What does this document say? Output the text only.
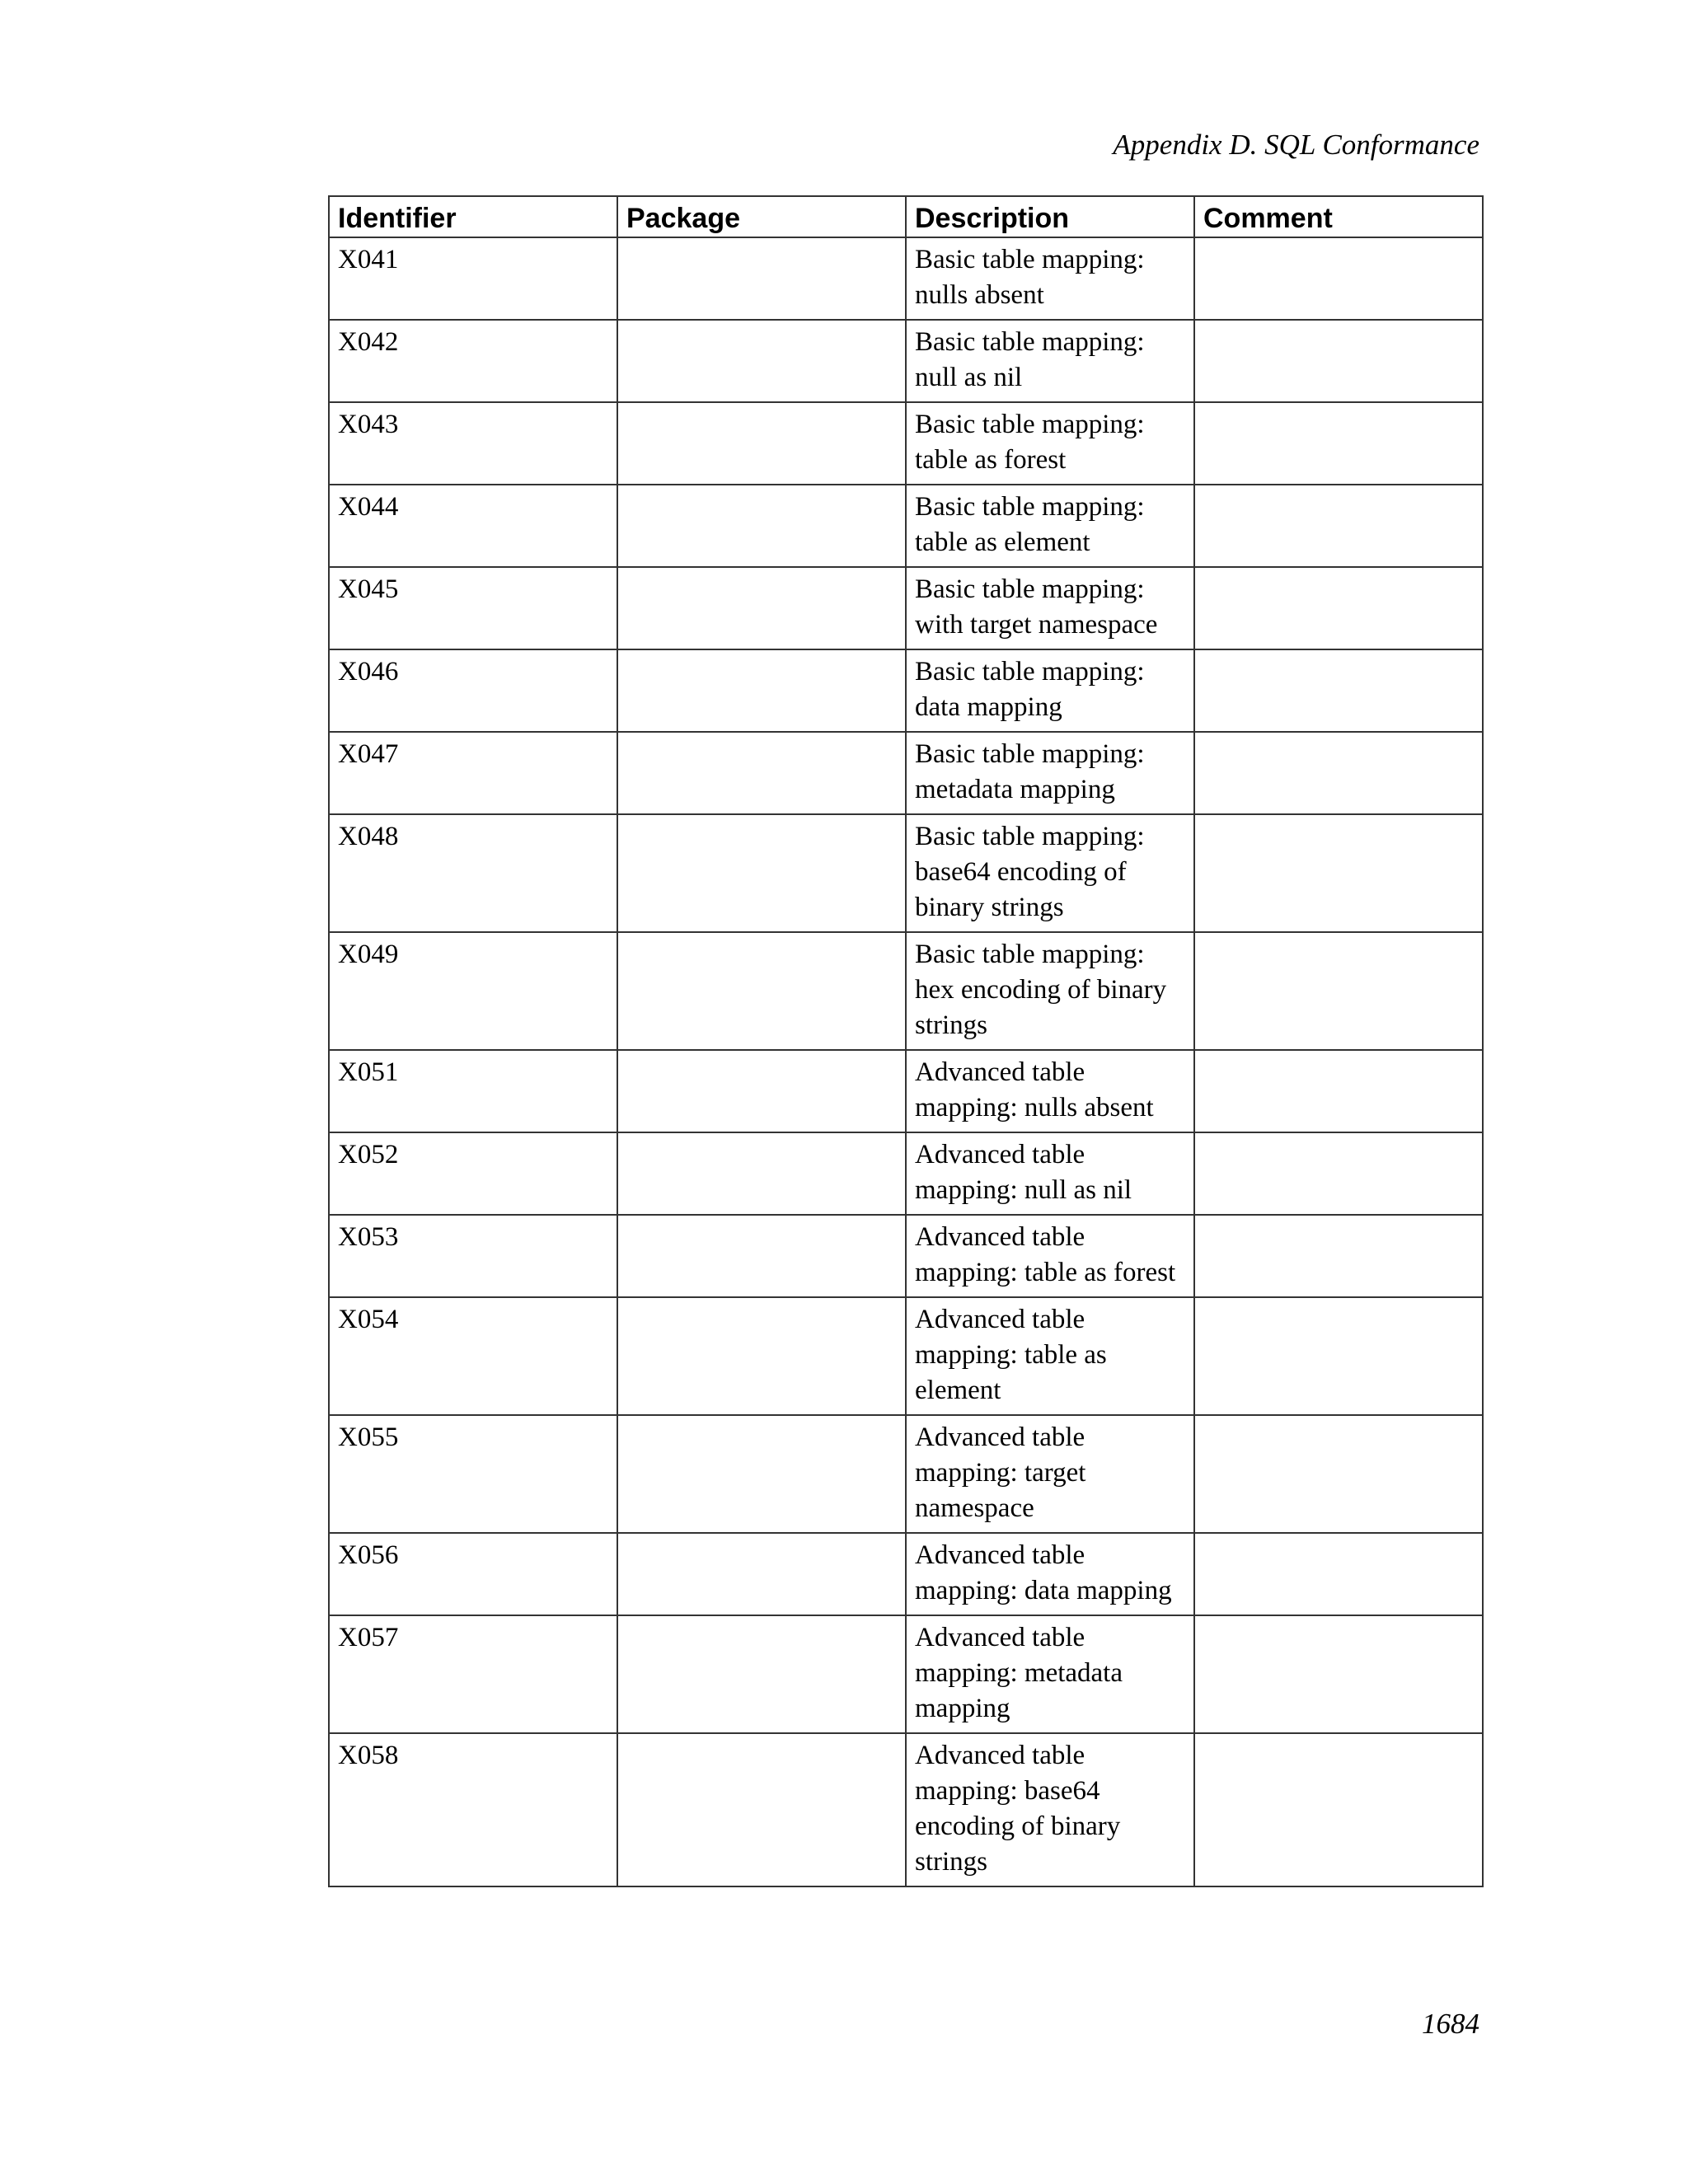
Appendix D. SQL Conformance
Identifier	Package	Description	Comment
X041		Basic table mapping: nulls absent	
X042		Basic table mapping: null as nil	
X043		Basic table mapping: table as forest	
X044		Basic table mapping: table as element	
X045		Basic table mapping: with target namespace	
X046		Basic table mapping: data mapping	
X047		Basic table mapping: metadata mapping	
X048		Basic table mapping: base64 encoding of binary strings	
X049		Basic table mapping: hex encoding of binary strings	
X051		Advanced table mapping: nulls absent	
X052		Advanced table mapping: null as nil	
X053		Advanced table mapping: table as forest	
X054		Advanced table mapping: table as element	
X055		Advanced table mapping: target namespace	
X056		Advanced table mapping: data mapping	
X057		Advanced table mapping: metadata mapping	
X058		Advanced table mapping: base64 encoding of binary strings	
1684
